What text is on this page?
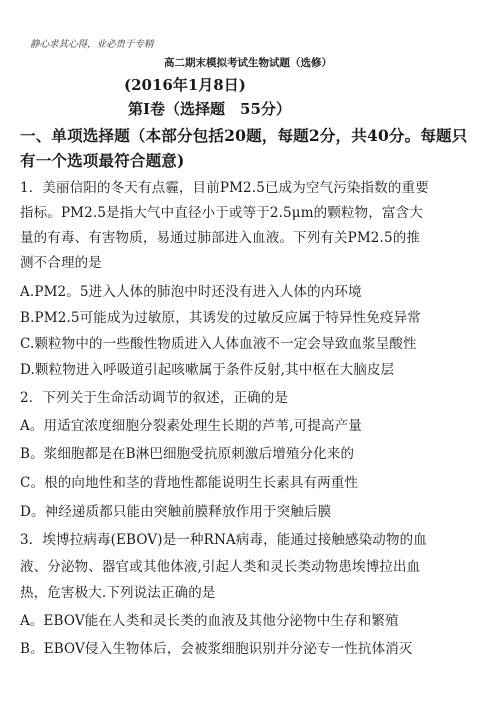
静心求其心得，业必贵于专精
高二期末模拟考试生物试题（选修）
(2016年1月8日)
第Ⅰ卷（选择题　55分）
一、单项选择题（本部分包括20题，每题2分，共40分。每题只
有一个选项最符合题意)
1．美丽信阳的冬天有点霾，目前PM2.5已成为空气污染指数的重要
指标。PM2.5是指大气中直径小于或等于2.5μm的颗粒物，富含大
量的有毒、有害物质，易通过肺部进入血液。下列有关PM2.5的推
测不合理的是
A.PM2。5进入人体的肺泡中时还没有进入人体的内环境
B.PM2.5可能成为过敏原，其诱发的过敏反应属于特异性免疫异常
C.颗粒物中的一些酸性物质进入人体血液不一定会导致血浆呈酸性
D.颗粒物进入呼吸道引起咳嗽属于条件反射,其中枢在大脑皮层
2．下列关于生命活动调节的叙述，正确的是
A。用适宜浓度细胞分裂素处理生长期的芦苇,可提高产量
B。浆细胞都是在B淋巴细胞受抗原刺激后增殖分化来的
C。根的向地性和茎的背地性都能说明生长素具有两重性
D。神经递质都只能由突触前膜释放作用于突触后膜
3．埃博拉病毒(EBOV)是一种RNA病毒，能通过接触感染动物的血
液、分泌物、器官或其他体液,引起人类和灵长类动物患埃博拉出血
热，危害极大.下列说法正确的是
A。EBOV能在人类和灵长类的血液及其他分泌物中生存和繁殖
B。EBOV侵入生物体后，会被浆细胞识别并分泌专一性抗体消灭
